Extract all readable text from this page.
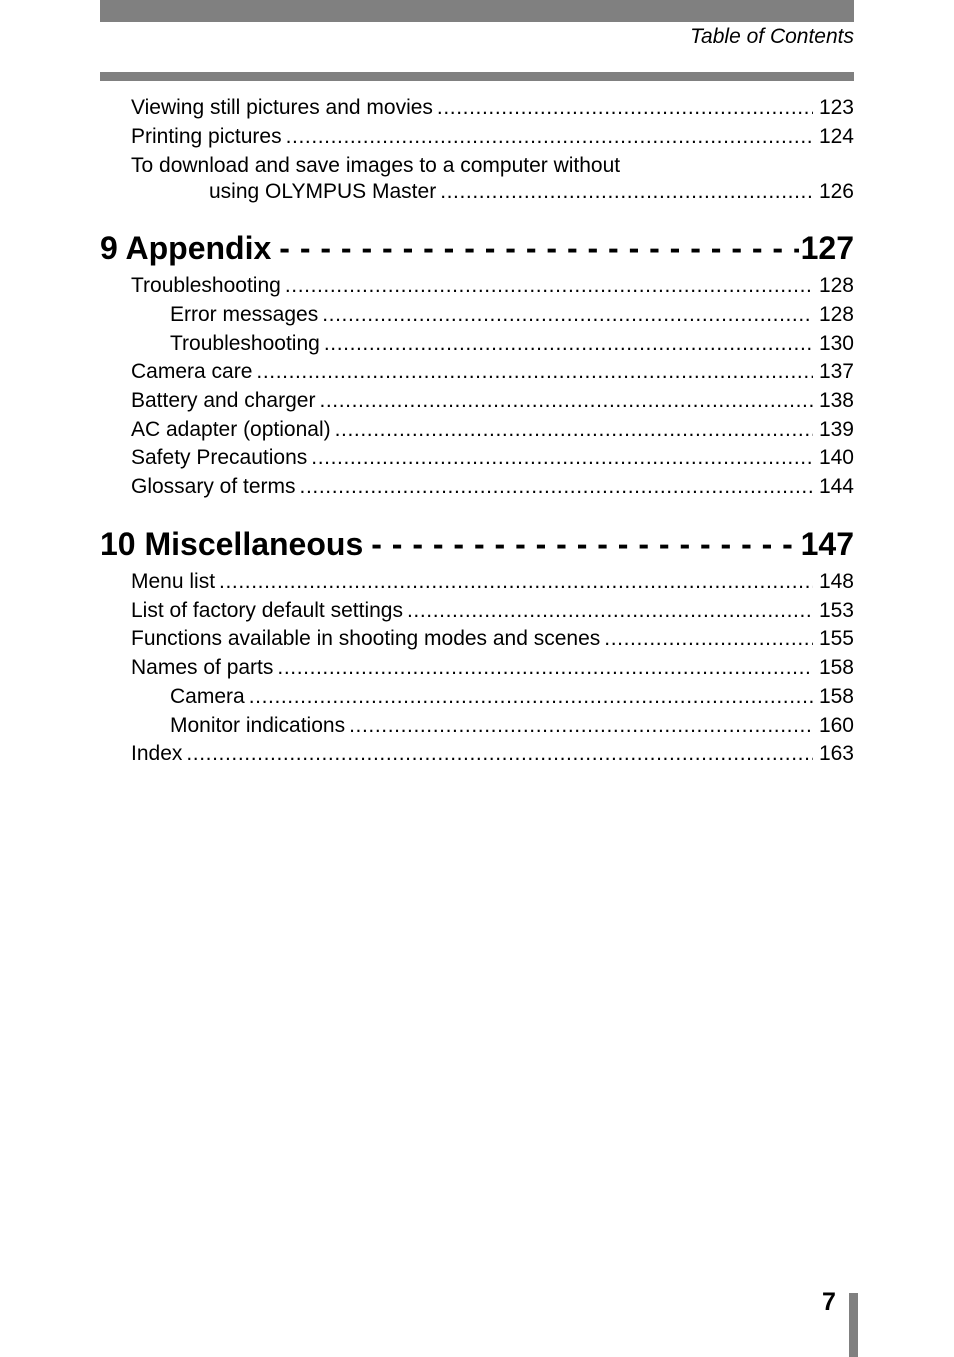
Table of Contents
Viewing still pictures and movies .....	123
Printing pictures .....	124
To download and save images to a computer without
using OLYMPUS Master .....	126
9 Appendix - - -	127
Troubleshooting .....	128
Error messages .....	128
Troubleshooting .....	130
Camera care .....	137
Battery and charger .....	138
AC adapter (optional) .....	139
Safety Precautions .....	140
Glossary of terms .....	144
10 Miscellaneous - - -	147
Menu list .....	148
List of factory default settings .....	153
Functions available in shooting modes and scenes .....	155
Names of parts .....	158
Camera .....	158
Monitor indications .....	160
Index .....	163
7
